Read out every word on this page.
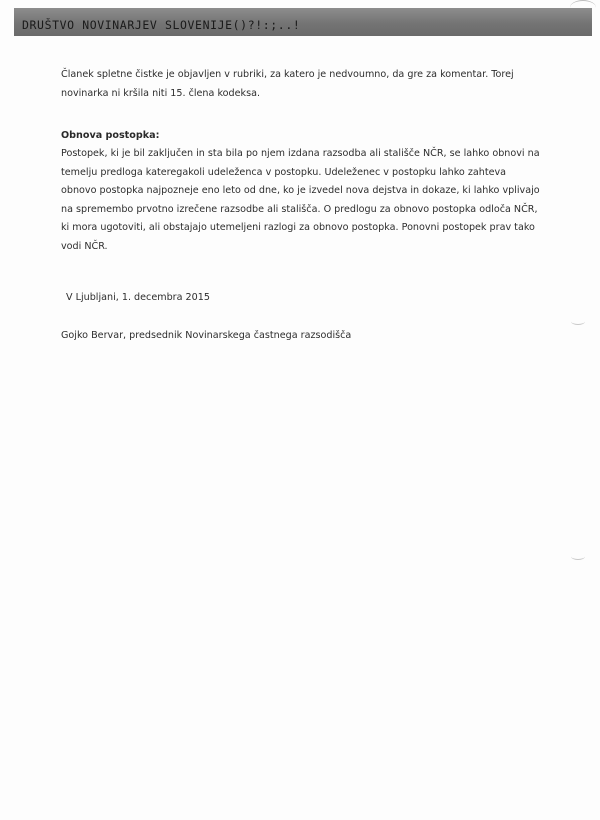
DRUŠTVO NOVINARJEV SLOVENIJE()?!:;..!
Članek spletne čistke je objavljen v rubriki, za katero je nedvoumno, da gre za komentar. Torej novinarka ni kršila niti 15. člena kodeksa.
Obnova postopka:
Postopek, ki je bil zaključen in sta bila po njem izdana razsodba ali stališče NČR, se lahko obnovi na temelju predloga kateregakoli udeleženca v postopku. Udeleženec v postopku lahko zahteva obnovo postopka najpozneje eno leto od dne, ko je izvedel nova dejstva in dokaze, ki lahko vplivajo na spremembo prvotno izrečene razsodbe ali stališča. O predlogu za obnovo postopka odloča NČR, ki mora ugotoviti, ali obstajajo utemeljeni razlogi za obnovo postopka. Ponovni postopek prav tako vodi NČR.
V Ljubljani, 1. decembra 2015
Gojko Bervar, predsednik Novinarskega častnega razsodišča
